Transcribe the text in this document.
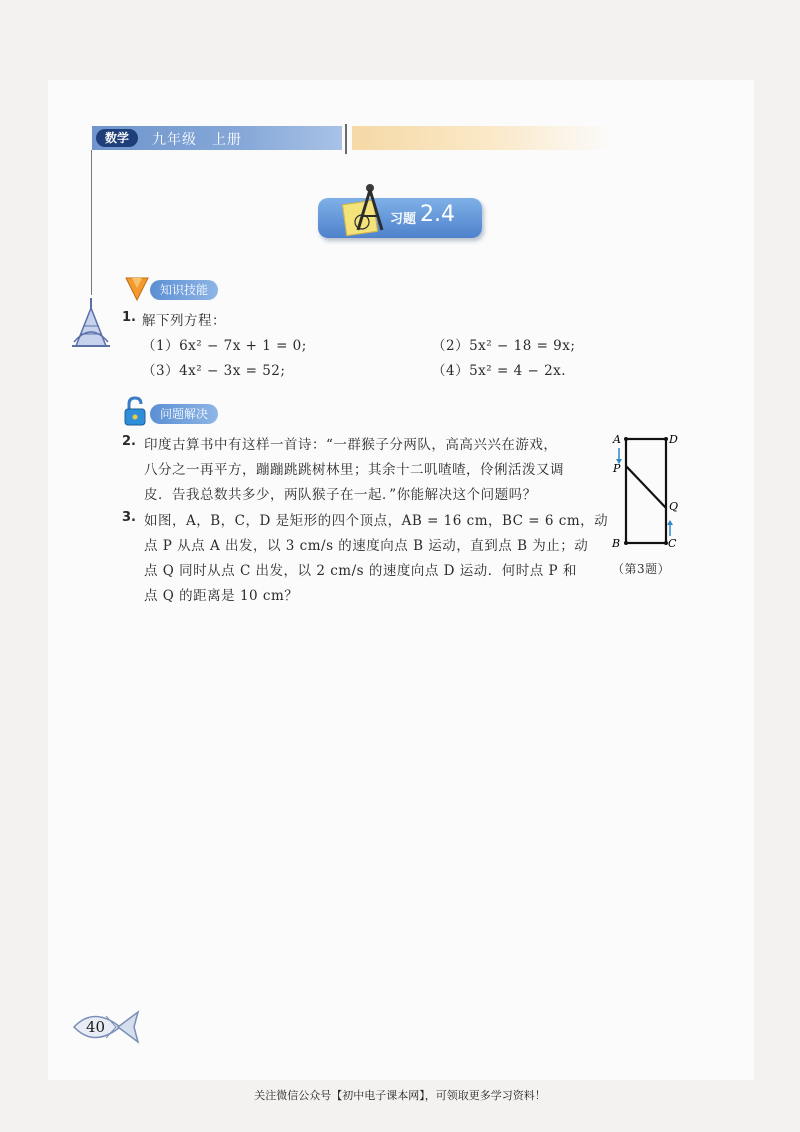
数学	九年级　上册
习题 2.4
知识技能
1. 解下列方程：
（1）6x² − 7x + 1 = 0;	（2）5x² − 18 = 9x;
（3）4x² − 3x = 52;	（4）5x² = 4 − 2x.
问题解决
2. 印度古算书中有这样一首诗：“一群猴子分两队，高高兴兴在游戏，
八分之一再平方，蹦蹦跳跳树林里；其余十二叽喳喳，伶俐活泼又调
皮．告我总数共多少，两队猴子在一起．”你能解决这个问题吗？
3. 如图，A，B，C，D 是矩形的四个顶点，AB = 16 cm，BC = 6 cm，动
点 P 从点 A 出发，以 3 cm/s 的速度向点 B 运动，直到点 B 为止；动
点 Q 同时从点 C 出发，以 2 cm/s 的速度向点 D 运动．何时点 P 和
点 Q 的距离是 10 cm？
A	D
P
Q
B	C
（第3题）
40
关注微信公众号【初中电子课本网】，可领取更多学习资料！
